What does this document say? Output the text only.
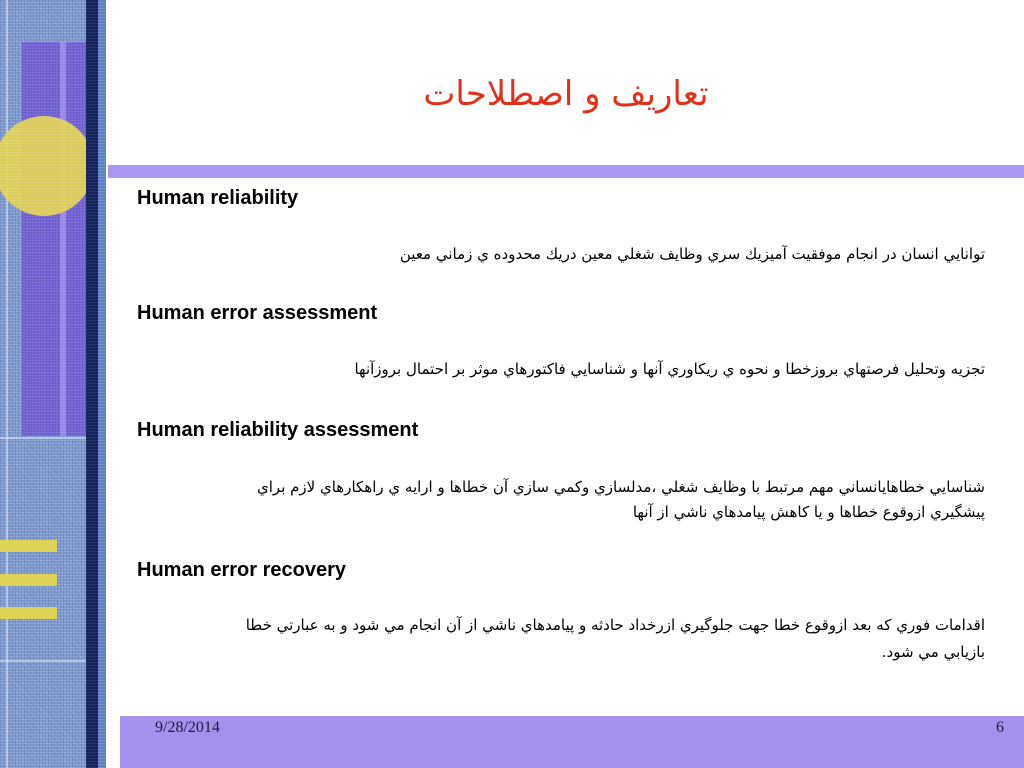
تعاريف و اصطلاحات
Human reliability
توانايي انسان در انجام موفقيت آميزيك سري وظايف شغلي معين دريك محدوده ي زماني معين
Human error assessment
تجزيه وتحليل فرصتهاي بروزخطا و نحوه ي ريكاوري آنها و شناسايي فاكتورهاي موثر بر احتمال بروزآنها
Human reliability assessment
شناسايي خطاهايانساني مهم مرتبط با وظايف شغلي ،مدلسازي وكمي سازي آن خطاها و ارايه ي راهكارهاي لازم براي
پيشگيري ازوقوع خطاها و يا كاهش پيامدهاي ناشي از آنها
Human error recovery
اقدامات فوري كه بعد ازوقوع خطا جهت جلوگيري ازرخداد حادثه و پيامدهاي ناشي از آن انجام مي شود و به عبارتي خطا
بازيابي مي شود.
9/28/2014	6
